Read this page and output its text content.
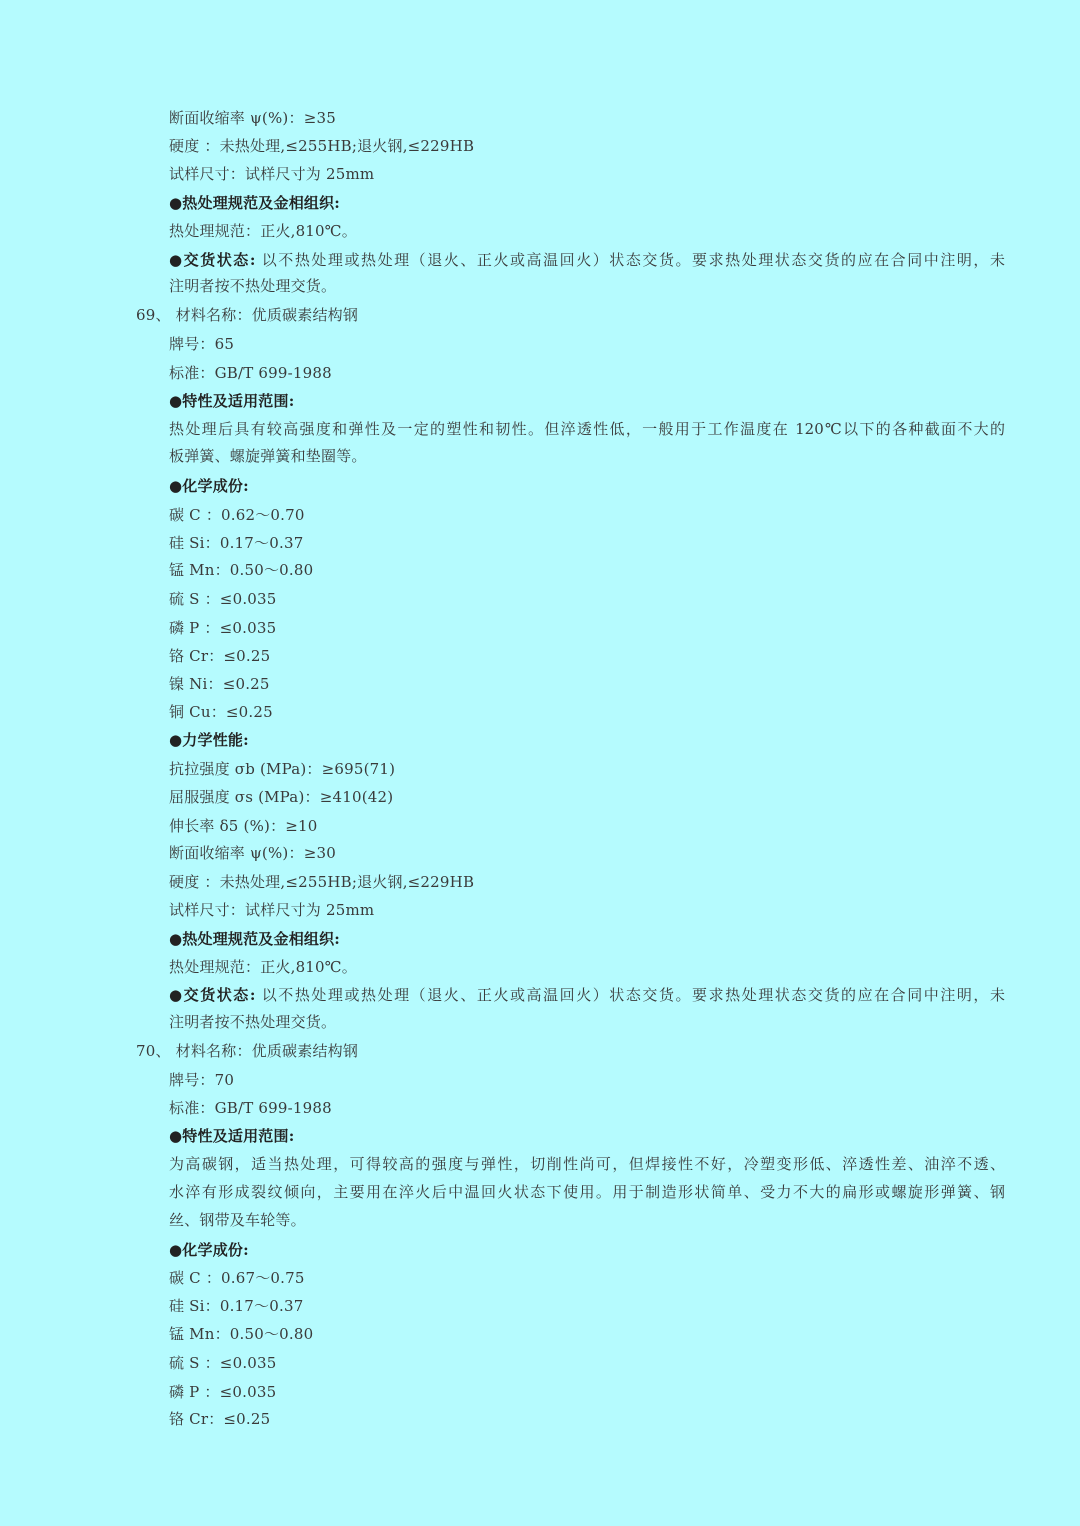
断面收缩率 ψ(%)：≥35
硬度 ：未热处理,≤255HB;退火钢,≤229HB
试样尺寸：试样尺寸为 25mm
●热处理规范及金相组织:
热处理规范：正火,810℃。
●交货状态: 以不热处理或热处理（退火、正火或高温回火）状态交货。要求热处理状态交货的应在合同中注明，未
注明者按不热处理交货。
69、 材料名称：优质碳素结构钢
牌号：65
标准：GB/T 699-1988
●特性及适用范围:
热处理后具有较高强度和弹性及一定的塑性和韧性。但淬透性低，一般用于工作温度在 120℃以下的各种截面不大的
板弹簧、螺旋弹簧和垫圈等。
●化学成份:
碳 C ：0.62～0.70
硅 Si：0.17～0.37
锰 Mn：0.50～0.80
硫 S ：≤0.035
磷 P ：≤0.035
铬 Cr：≤0.25
镍 Ni：≤0.25
铜 Cu：≤0.25
●力学性能:
抗拉强度 σb (MPa)：≥695(71)
屈服强度 σs (MPa)：≥410(42)
伸长率 δ5 (%)：≥10
断面收缩率 ψ(%)：≥30
硬度 ：未热处理,≤255HB;退火钢,≤229HB
试样尺寸：试样尺寸为 25mm
●热处理规范及金相组织:
热处理规范：正火,810℃。
●交货状态: 以不热处理或热处理（退火、正火或高温回火）状态交货。要求热处理状态交货的应在合同中注明，未
注明者按不热处理交货。
70、 材料名称：优质碳素结构钢
牌号：70
标准：GB/T 699-1988
●特性及适用范围:
为高碳钢，适当热处理，可得较高的强度与弹性，切削性尚可，但焊接性不好，冷塑变形低、淬透性差、油淬不透、
水淬有形成裂纹倾向，主要用在淬火后中温回火状态下使用。用于制造形状简单、受力不大的扁形或螺旋形弹簧、钢
丝、钢带及车轮等。
●化学成份:
碳 C ：0.67～0.75
硅 Si：0.17～0.37
锰 Mn：0.50～0.80
硫 S ：≤0.035
磷 P ：≤0.035
铬 Cr：≤0.25
